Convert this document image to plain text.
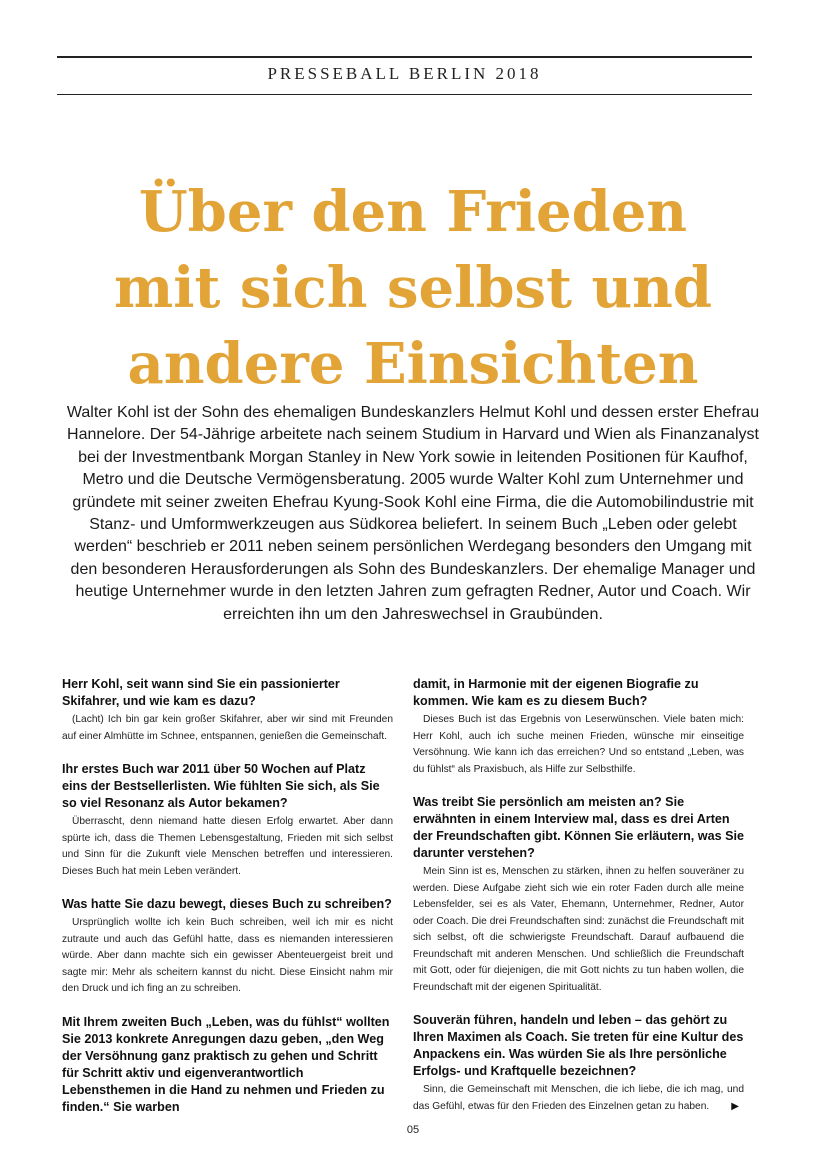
PRESSEBALL BERLIN 2018
Über den Frieden
mit sich selbst und
andere Einsichten

Walter Kohl ist der Sohn des ehemaligen Bundeskanzlers Helmut Kohl und dessen erster Ehefrau Hannelore. Der 54-Jährige arbeitete nach seinem Studium in Harvard und Wien als Finanzanalyst bei der Investmentbank Morgan Stanley in New York sowie in leitenden Positionen für Kaufhof, Metro und die Deutsche Vermögensberatung. 2005 wurde Walter Kohl zum Unternehmer und gründete mit seiner zweiten Ehefrau Kyung-Sook Kohl eine Firma, die die Automobilindustrie mit Stanz- und Umformwerkzeugen aus Südkorea beliefert. In seinem Buch „Leben oder gelebt werden“ beschrieb er 2011 neben seinem persönlichen Werdegang besonders den Umgang mit den besonderen Herausforderungen als Sohn des Bundeskanzlers. Der ehemalige Manager und heutige Unternehmer wurde in den letzten Jahren zum gefragten Redner, Autor und Coach. Wir erreichten ihn um den Jahreswechsel in Graubünden.

Herr Kohl, seit wann sind Sie ein passionierter Skifahrer, und wie kam es dazu?

(Lacht) Ich bin gar kein großer Skifahrer, aber wir sind mit Freunden auf einer Almhütte im Schnee, entspannen, genießen die Gemeinschaft.

Ihr erstes Buch war 2011 über 50 Wochen auf Platz eins der Bestsellerlisten. Wie fühlten Sie sich, als Sie so viel Resonanz als Autor bekamen?

Überrascht, denn niemand hatte diesen Erfolg erwartet. Aber dann spürte ich, dass die Themen Lebensgestaltung, Frieden mit sich selbst und Sinn für die Zukunft viele Menschen betreffen und interessieren. Dieses Buch hat mein Leben verändert.

Was hatte Sie dazu bewegt, dieses Buch zu schreiben?

Ursprünglich wollte ich kein Buch schreiben, weil ich mir es nicht zutraute und auch das Gefühl hatte, dass es niemanden interessieren würde. Aber dann machte sich ein gewisser Abenteuergeist breit und sagte mir: Mehr als scheitern kannst du nicht. Diese Einsicht nahm mir den Druck und ich fing an zu schreiben.

Mit Ihrem zweiten Buch „Leben, was du fühlst“ wollten Sie 2013 konkrete Anregungen dazu geben, „den Weg der Versöhnung ganz praktisch zu gehen und Schritt für Schritt aktiv und eigenverantwortlich Lebensthemen in die Hand zu nehmen und Frieden zu finden.“ Sie warben

damit, in Harmonie mit der eigenen Biografie zu kommen. Wie kam es zu diesem Buch?

Dieses Buch ist das Ergebnis von Leserwünschen. Viele baten mich: Herr Kohl, auch ich suche meinen Frieden, wünsche mir einseitige Versöhnung. Wie kann ich das erreichen? Und so entstand „Leben, was du fühlst“ als Praxisbuch, als Hilfe zur Selbsthilfe.

Was treibt Sie persönlich am meisten an? Sie erwähnten in einem Interview mal, dass es drei Arten der Freundschaften gibt. Können Sie erläutern, was Sie darunter verstehen?

Mein Sinn ist es, Menschen zu stärken, ihnen zu helfen souveräner zu werden. Diese Aufgabe zieht sich wie ein roter Faden durch alle meine Lebensfelder, sei es als Vater, Ehemann, Unternehmer, Redner, Autor oder Coach. Die drei Freundschaften sind: zunächst die Freundschaft mit sich selbst, oft die schwierigste Freundschaft. Darauf aufbauend die Freundschaft mit anderen Menschen. Und schließlich die Freundschaft mit Gott, oder für diejenigen, die mit Gott nichts zu tun haben wollen, die Freundschaft mit der eigenen Spiritualität.

Souverän führen, handeln und leben – das gehört zu Ihren Maximen als Coach. Sie treten für eine Kultur des Anpackens ein. Was würden Sie als Ihre persönliche Erfolgs- und Kraftquelle bezeichnen?

Sinn, die Gemeinschaft mit Menschen, die ich liebe, die ich mag, und das Gefühl, etwas für den Frieden des Einzelnen getan zu haben. ▶

05
